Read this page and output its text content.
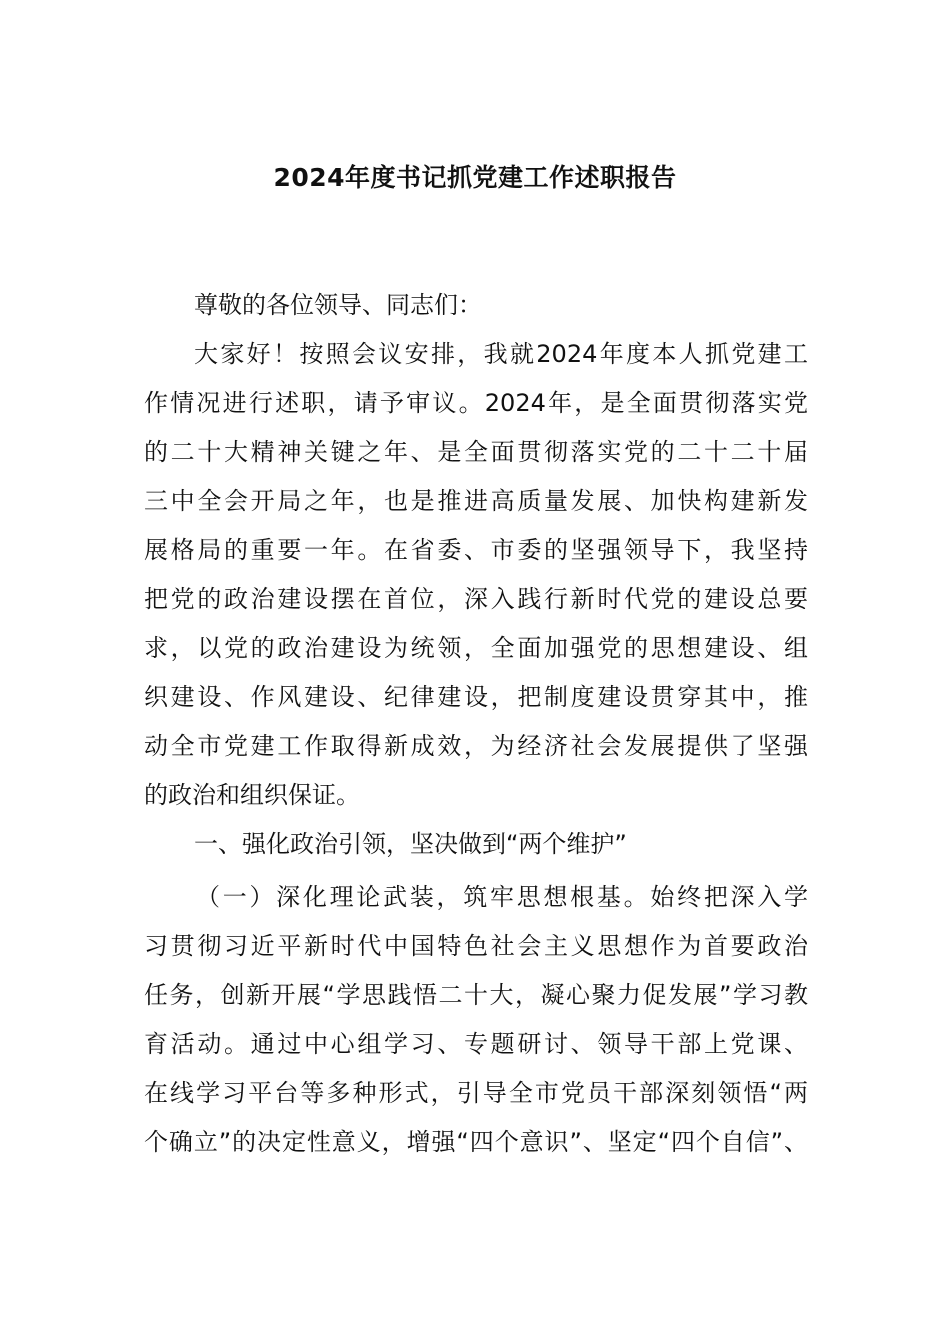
2024年度书记抓党建工作述职报告
尊敬的各位领导、同志们：
大家好！按照会议安排，我就2024年度本人抓党建工
作情况进行述职，请予审议。2024年，是全面贯彻落实党
的二十大精神关键之年、是全面贯彻落实党的二十二十届
三中全会开局之年，也是推进高质量发展、加快构建新发
展格局的重要一年。在省委、市委的坚强领导下，我坚持
把党的政治建设摆在首位，深入践行新时代党的建设总要
求，以党的政治建设为统领，全面加强党的思想建设、组
织建设、作风建设、纪律建设，把制度建设贯穿其中，推
动全市党建工作取得新成效，为经济社会发展提供了坚强
的政治和组织保证。
一、强化政治引领，坚决做到“两个维护”
（一）深化理论武装，筑牢思想根基。始终把深入学
习贯彻习近平新时代中国特色社会主义思想作为首要政治
任务，创新开展“学思践悟二十大，凝心聚力促发展”学习教
育活动。通过中心组学习、专题研讨、领导干部上党课、
在线学习平台等多种形式，引导全市党员干部深刻领悟“两
个确立”的决定性意义，增强“四个意识”、坚定“四个自信”、
